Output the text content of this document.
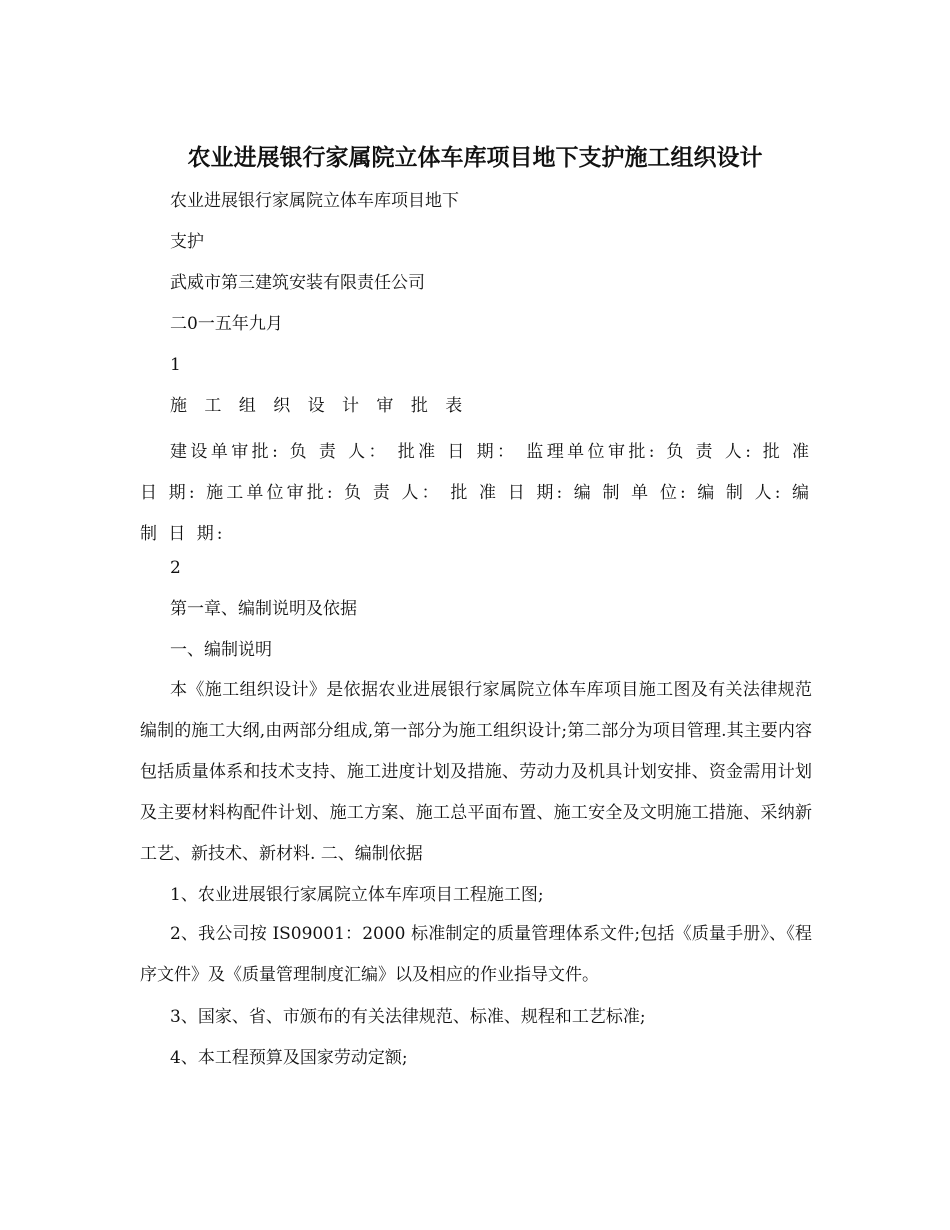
农业进展银行家属院立体车库项目地下支护施工组织设计
农业进展银行家属院立体车库项目地下
支护
武威市第三建筑安装有限责任公司
二0一五年九月
1
施 工 组 织 设 计 审 批 表
建设单审批: 负 责 人： 批准 日 期： 监理单位审批: 负 责 人: 批 准 日 期: 施工单位审批: 负 责 人： 批 准 日 期: 编 制 单 位: 编 制 人: 编 制 日 期:
2
第一章、编制说明及依据
一、编制说明
本《施工组织设计》是依据农业进展银行家属院立体车库项目施工图及有关法律规范编制的施工大纲,由两部分组成,第一部分为施工组织设计;第二部分为项目管理.其主要内容包括质量体系和技术支持、施工进度计划及措施、劳动力及机具计划安排、资金需用计划及主要材料构配件计划、施工方案、施工总平面布置、施工安全及文明施工措施、采纳新工艺、新技术、新材料. 二、编制依据
1、农业进展银行家属院立体车库项目工程施工图;
2、我公司按 IS09001：2000 标准制定的质量管理体系文件;包括《质量手册》、《程序文件》及《质量管理制度汇编》以及相应的作业指导文件。
3、国家、省、市颁布的有关法律规范、标准、规程和工艺标准;
4、本工程预算及国家劳动定额;
